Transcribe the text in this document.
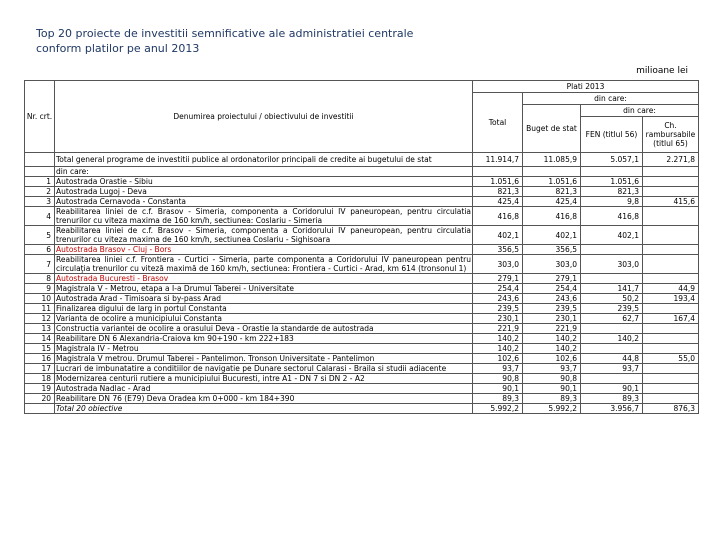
Top 20 proiecte de investitii semnificative ale administratiei centrale
conform platilor pe anul 2013
milioane lei
Nr. crt.	Denumirea proiectului / obiectivului de investitii	Plati 2013			
		Total	din care:		
			Buget de stat	din care:	
				FEN (titlul 56)	Ch. rambursabile (titlul 65)

	Total general programe de investitii publice al ordonatorilor principali de credite ai bugetului de stat	11.914,7	11.085,9	5.057,1	2.271,8
	din care:				
1	Autostrada Orastie - Sibiu	1.051,6	1.051,6	1.051,6	
2	Autostrada Lugoj - Deva	821,3	821,3	821,3	
3	Autostrada Cernavoda - Constanta	425,4	425,4	9,8	415,6
4	Reabilitarea liniei de c.f. Brasov - Simeria, componenta a Coridorului IV paneuropean, pentru circulatia trenurilor cu viteza maxima de 160 km/h, sectiunea: Coslariu - Simeria	416,8	416,8	416,8	
5	Reabilitarea liniei de c.f. Brasov - Simeria, componenta a Coridorului IV paneuropean, pentru circulatia trenurilor cu viteza maxima de 160 km/h, sectiunea Coslariu - Sighisoara	402,1	402,1	402,1	
6	Autostrada Brasov - Cluj - Bors	356,5	356,5		
7	Reabilitarea liniei c.f. Frontiera - Curtici - Simeria, parte componenta a Coridorului IV paneuropean pentru circulaţia trenurilor cu viteză maximă de 160 km/h, sectiunea: Frontiera - Curtici - Arad, km 614 (tronsonul 1)	303,0	303,0	303,0	
8	Autostrada Bucuresti - Brasov	279,1	279,1		
9	Magistrala V - Metrou, etapa a I-a Drumul Taberei - Universitate	254,4	254,4	141,7	44,9
10	Autostrada Arad - Timisoara si by-pass Arad	243,6	243,6	50,2	193,4
11	Finalizarea digului de larg in portul Constanta	239,5	239,5	239,5	
12	Varianta de ocolire a municipiului Constanta	230,1	230,1	62,7	167,4
13	Constructia variantei de ocolire a orasului Deva - Orastie la standarde de autostrada	221,9	221,9		
14	Reabilitare DN 6 Alexandria-Craiova km 90+190 - km 222+183	140,2	140,2	140,2	
15	Magistrala IV - Metrou	140,2	140,2		
16	Magistrala V metrou. Drumul Taberei - Pantelimon. Tronson Universitate - Pantelimon	102,6	102,6	44,8	55,0
17	Lucrari de imbunatatire a conditiilor de navigatie pe Dunare sectorul Calarasi - Braila si studii adiacente	93,7	93,7	93,7	
18	Modernizarea centurii rutiere a municipiului Bucuresti, intre A1 - DN 7 si DN 2 - A2	90,8	90,8		
19	Autostrada Nadlac - Arad	90,1	90,1	90,1	
20	Reabilitare DN 76 (E79) Deva Oradea km 0+000 - km 184+390	89,3	89,3	89,3	
	Total 20 obiective	5.992,2	5.992,2	3.956,7	876,3
